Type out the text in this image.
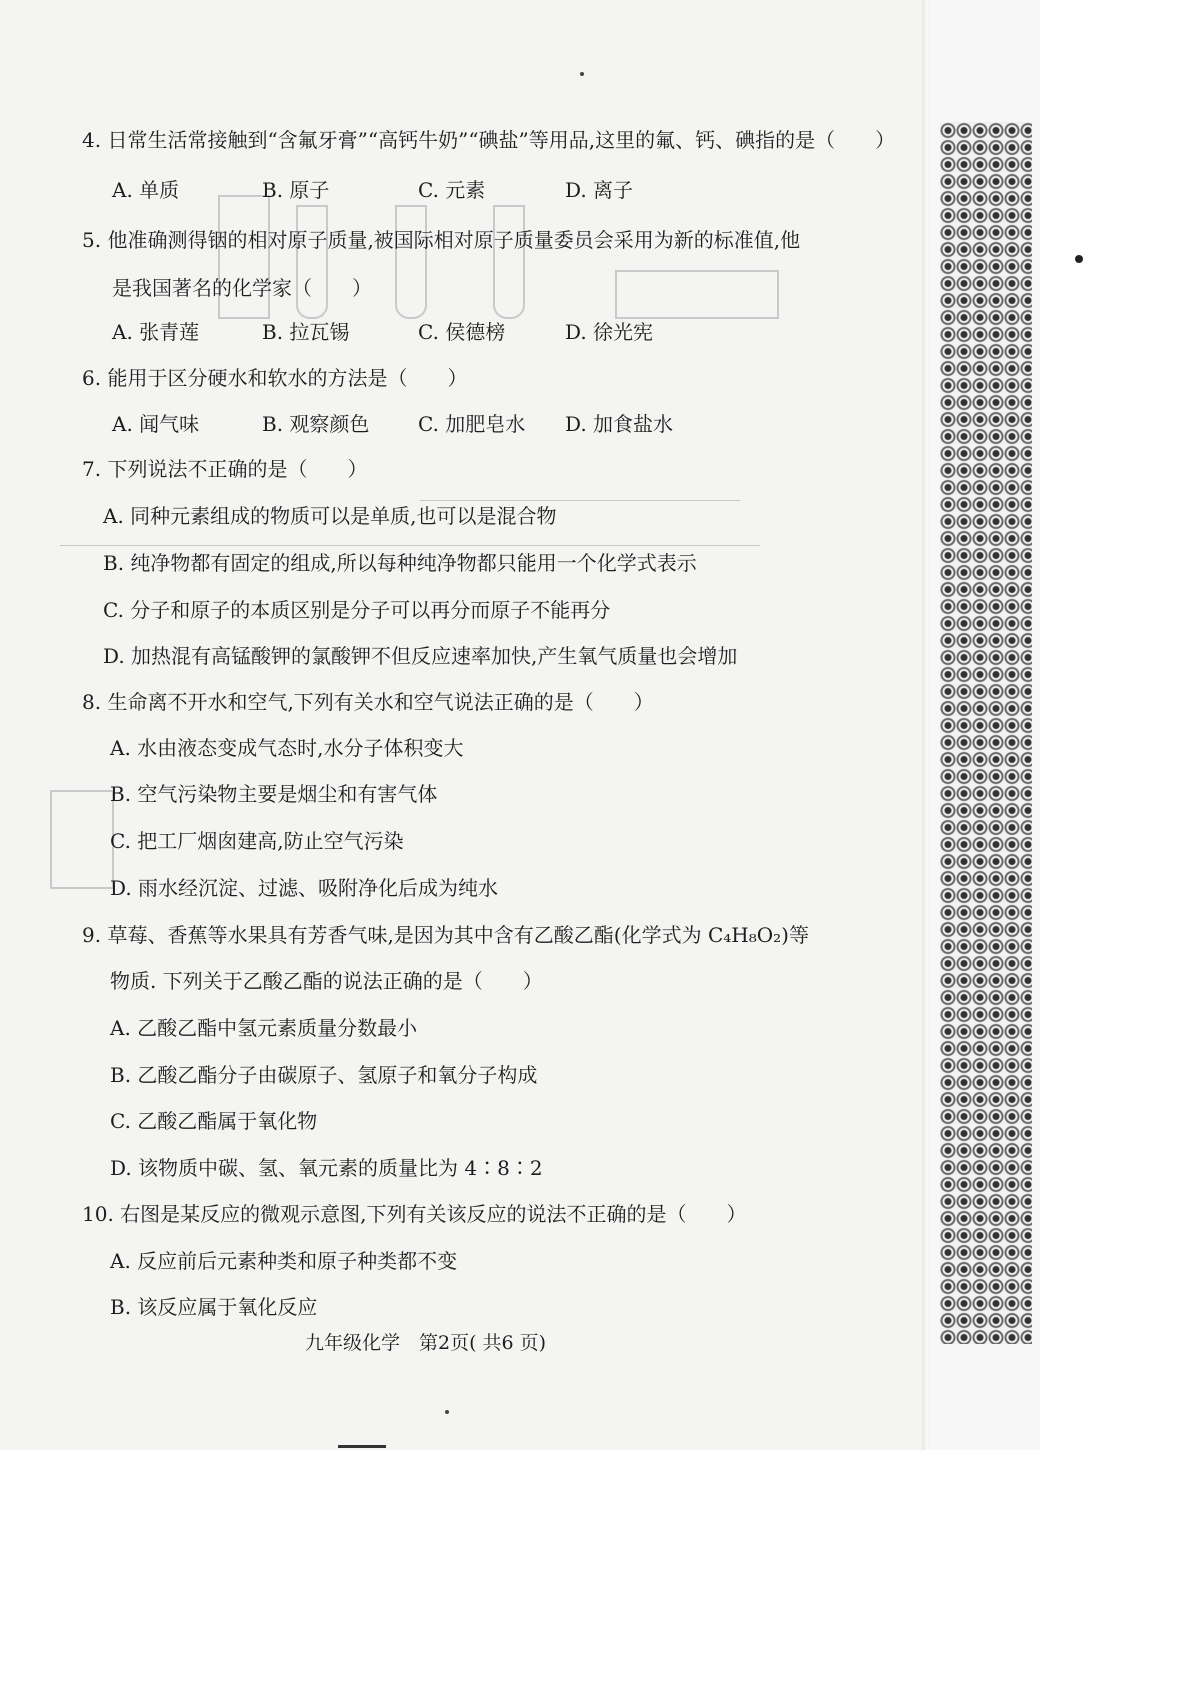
4. 日常生活常接触到“含氟牙膏”“高钙牛奶”“碘盐”等用品,这里的氟、钙、碘指的是（　　）
A. 单质	B. 原子	C. 元素	D. 离子
5. 他准确测得铟的相对原子质量,被国际相对原子质量委员会采用为新的标准值,他
是我国著名的化学家（　　）
A. 张青莲	B. 拉瓦锡	C. 侯德榜	D. 徐光宪
6. 能用于区分硬水和软水的方法是（　　）
A. 闻气味	B. 观察颜色 C. 加肥皂水 D. 加食盐水
7. 下列说法不正确的是（　　）
A. 同种元素组成的物质可以是单质,也可以是混合物
B. 纯净物都有固定的组成,所以每种纯净物都只能用一个化学式表示
C. 分子和原子的本质区别是分子可以再分而原子不能再分
D. 加热混有高锰酸钾的氯酸钾不但反应速率加快,产生氧气质量也会增加
8. 生命离不开水和空气,下列有关水和空气说法正确的是（　　）
A. 水由液态变成气态时,水分子体积变大
B. 空气污染物主要是烟尘和有害气体
C. 把工厂烟囱建高,防止空气污染
D. 雨水经沉淀、过滤、吸附净化后成为纯水
9. 草莓、香蕉等水果具有芳香气味,是因为其中含有乙酸乙酯(化学式为 C₄H₈O₂)等
物质. 下列关于乙酸乙酯的说法正确的是（　　）
A. 乙酸乙酯中氢元素质量分数最小
B. 乙酸乙酯分子由碳原子、氢原子和氧分子构成
C. 乙酸乙酯属于氧化物
D. 该物质中碳、氢、氧元素的质量比为 4∶8∶2
10. 右图是某反应的微观示意图,下列有关该反应的说法不正确的是（　　）
A. 反应前后元素种类和原子种类都不变
B. 该反应属于氧化反应
九年级化学　第2页( 共6 页)
